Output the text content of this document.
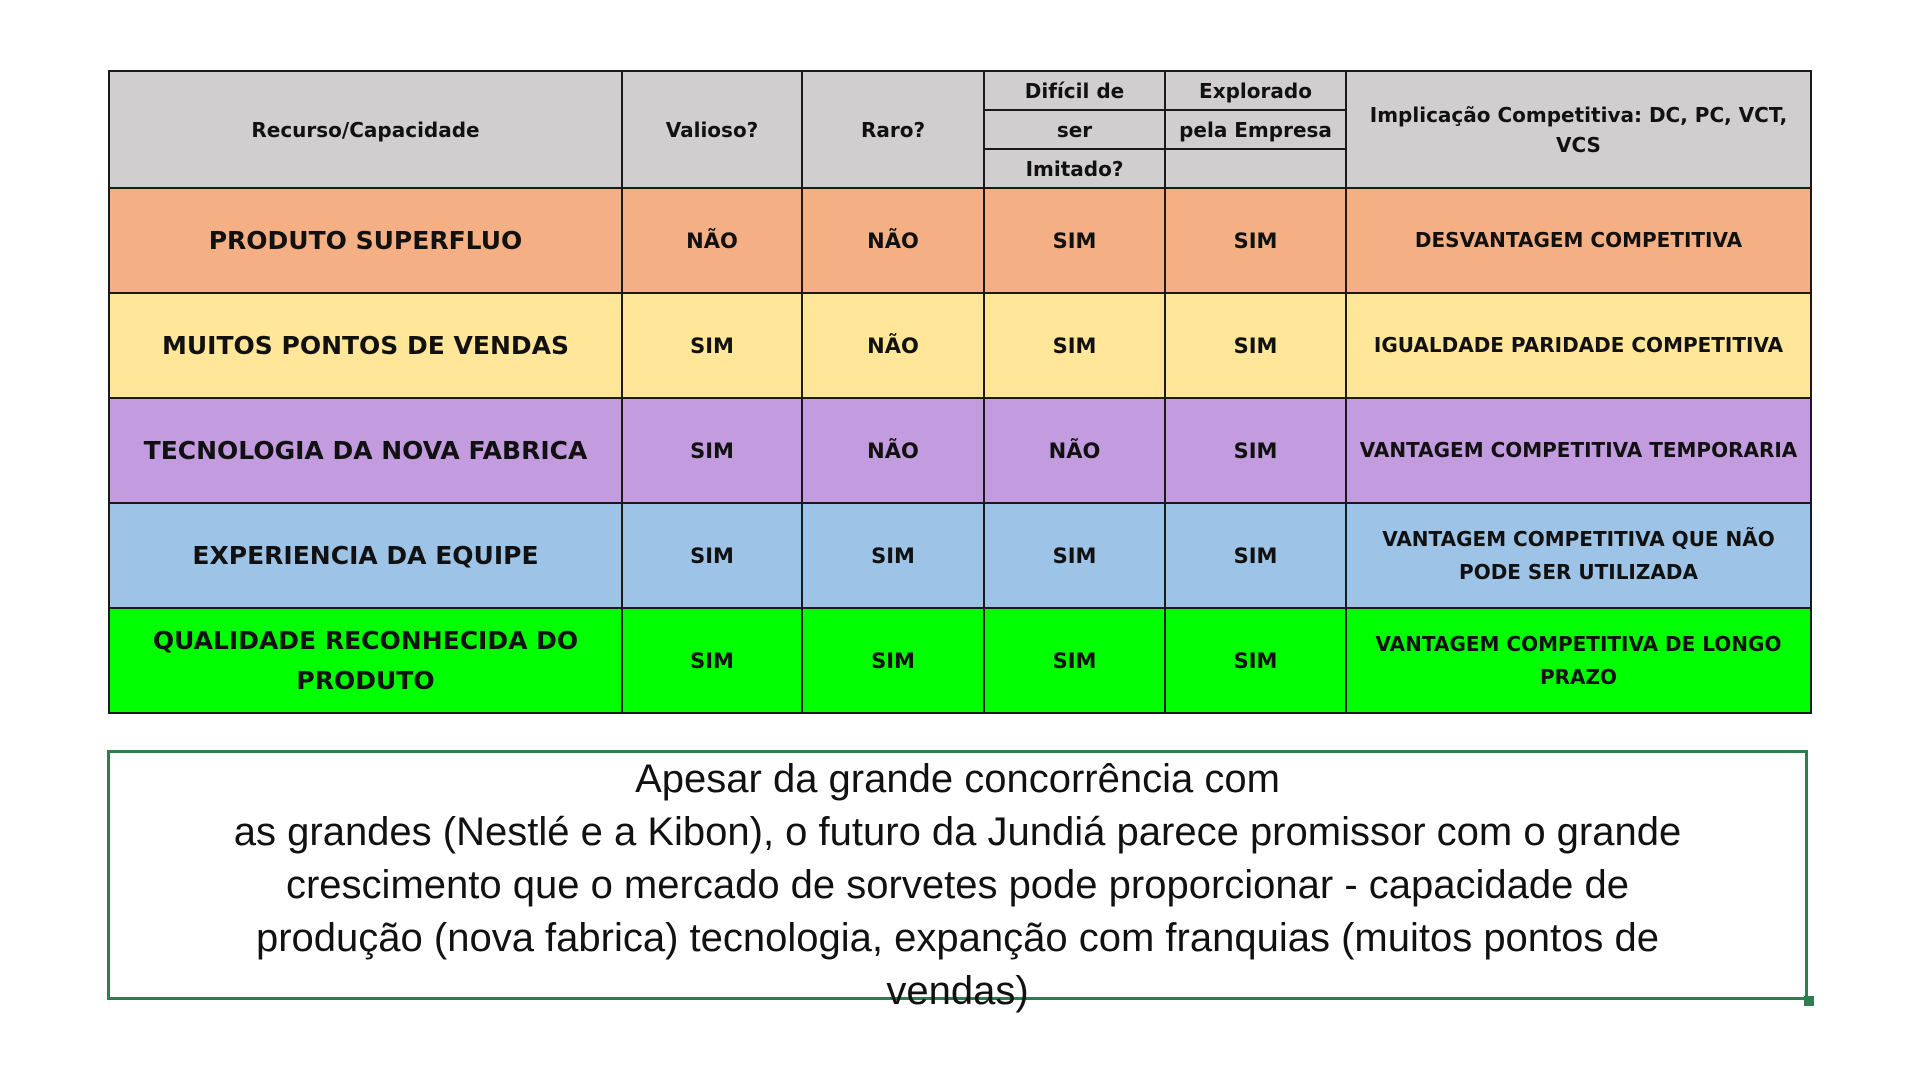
Recurso/Capacidade	Valioso?	Raro?	Difícil de	Explorado	Implicação Competitiva: DC, PC, VCT, VCS
			ser	pela Empresa	
			Imitado?		
PRODUTO SUPERFLUO	NÃO	NÃO	SIM	SIM	DESVANTAGEM COMPETITIVA
MUITOS PONTOS DE VENDAS	SIM	NÃO	SIM	SIM	IGUALDADE PARIDADE COMPETITIVA
TECNOLOGIA DA NOVA FABRICA	SIM	NÃO	NÃO	SIM	VANTAGEM COMPETITIVA TEMPORARIA
EXPERIENCIA DA EQUIPE	SIM	SIM	SIM	SIM	VANTAGEM COMPETITIVA QUE NÃO PODE SER UTILIZADA
QUALIDADE RECONHECIDA DO PRODUTO	SIM	SIM	SIM	SIM	VANTAGEM COMPETITIVA DE LONGO PRAZO
Apesar da grande concorrência com
as grandes (Nestlé e a Kibon), o futuro da Jundiá parece promissor com o grande
crescimento que o mercado de sorvetes pode proporcionar - capacidade de
produção (nova fabrica) tecnologia, expanção com franquias (muitos pontos de
vendas)
